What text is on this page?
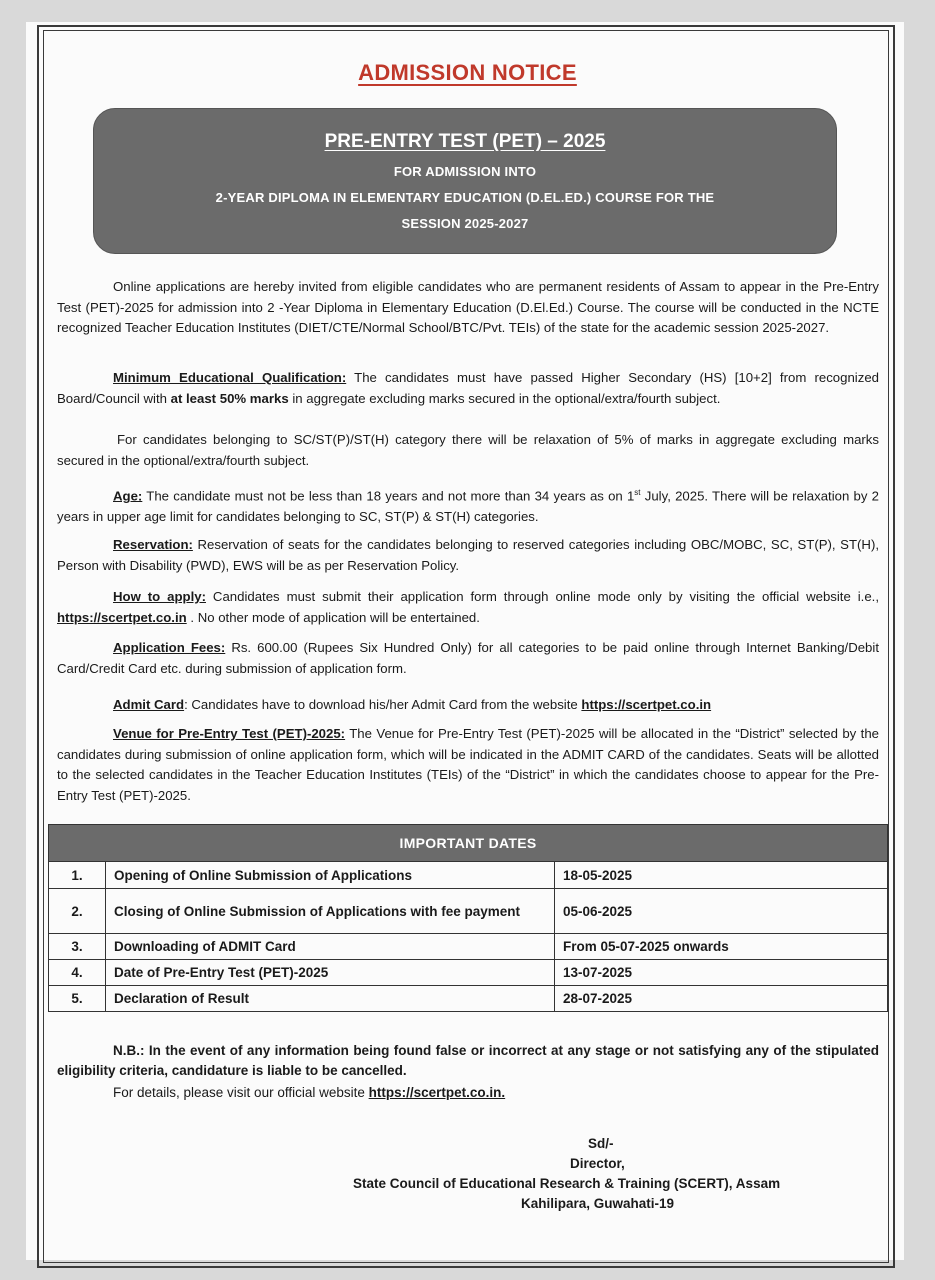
ADMISSION NOTICE
PRE-ENTRY TEST (PET) – 2025
FOR ADMISSION INTO
2-YEAR DIPLOMA IN ELEMENTARY EDUCATION (D.EL.ED.) COURSE FOR THE
SESSION 2025-2027
Online applications are hereby invited from eligible candidates who are permanent residents of Assam to appear in the Pre-Entry Test (PET)-2025 for admission into 2 -Year Diploma in Elementary Education (D.El.Ed.) Course. The course will be conducted in the NCTE recognized Teacher Education Institutes (DIET/CTE/Normal School/BTC/Pvt. TEIs) of the state for the academic session 2025-2027.
Minimum Educational Qualification: The candidates must have passed Higher Secondary (HS) [10+2] from recognized Board/Council with at least 50% marks in aggregate excluding marks secured in the optional/extra/fourth subject.
For candidates belonging to SC/ST(P)/ST(H) category there will be relaxation of 5% of marks in aggregate excluding marks secured in the optional/extra/fourth subject.
Age: The candidate must not be less than 18 years and not more than 34 years as on 1st July, 2025. There will be relaxation by 2 years in upper age limit for candidates belonging to SC, ST(P) & ST(H) categories.
Reservation: Reservation of seats for the candidates belonging to reserved categories including OBC/MOBC, SC, ST(P), ST(H), Person with Disability (PWD), EWS will be as per Reservation Policy.
How to apply: Candidates must submit their application form through online mode only by visiting the official website i.e., https://scertpet.co.in . No other mode of application will be entertained.
Application Fees: Rs. 600.00 (Rupees Six Hundred Only) for all categories to be paid online through Internet Banking/Debit Card/Credit Card etc. during submission of application form.
Admit Card: Candidates have to download his/her Admit Card from the website https://scertpet.co.in
Venue for Pre-Entry Test (PET)-2025: The Venue for Pre-Entry Test (PET)-2025 will be allocated in the “District” selected by the candidates during submission of online application form, which will be indicated in the ADMIT CARD of the candidates. Seats will be allotted to the selected candidates in the Teacher Education Institutes (TEIs) of the “District” in which the candidates choose to appear for the Pre-Entry Test (PET)-2025.
IMPORTANT DATES		
1.	Opening of Online Submission of Applications	18-05-2025
2.	Closing of Online Submission of Applications with fee payment	05-06-2025
3.	Downloading of ADMIT Card	From 05-07-2025 onwards
4.	Date of Pre-Entry Test (PET)-2025	13-07-2025
5.	Declaration of Result	28-07-2025
N.B.: In the event of any information being found false or incorrect at any stage or not satisfying any of the stipulated eligibility criteria, candidature is liable to be cancelled.
For details, please visit our official website https://scertpet.co.in.
Sd/-
Director,
State Council of Educational Research & Training (SCERT), Assam
Kahilipara, Guwahati-19
